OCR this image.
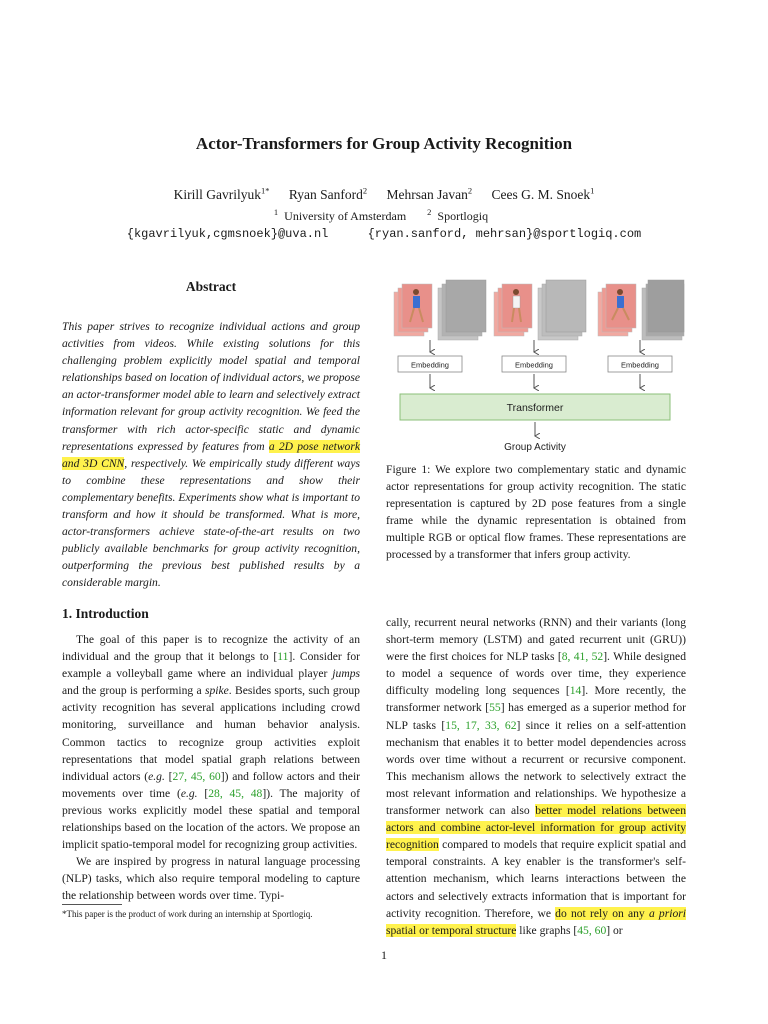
Actor-Transformers for Group Activity Recognition
Kirill Gavrilyuk$^{1*}$ Ryan Sanford$^2$ Mehrsan Javan$^2$ Cees G. M. Snoek$^1$
$^1$ University of Amsterdam $^2$ Sportlogiq
{kgavrilyuk,cgmsnoek}@uva.nl	{ryan.sanford, mehrsan}@sportlogiq.com
Abstract
This paper strives to recognize individual actions and group activities from videos. While existing solutions for this challenging problem explicitly model spatial and temporal relationships based on location of individual actors, we propose an actor-transformer model able to learn and selectively extract information relevant for group activity recognition. We feed the transformer with rich actor-specific static and dynamic representations expressed by features from a 2D pose network and 3D CNN, respectively. We empirically study different ways to combine these representations and show their complementary benefits. Experiments show what is important to transform and how it should be transformed. What is more, actor-transformers achieve state-of-the-art results on two publicly available benchmarks for group activity recognition, outperforming the previous best published results by a considerable margin.
Embedding	Embedding	Embedding
Transformer
Group Activity
Figure 1: We explore two complementary static and dynamic actor representations for group activity recognition. The static representation is captured by 2D pose features from a single frame while the dynamic representation is obtained from multiple RGB or optical flow frames. These representations are processed by a transformer that infers group activity.
1. Introduction

The goal of this paper is to recognize the activity of an individual and the group that it belongs to [11]. Consider for example a volleyball game where an individual player jumps and the group is performing a spike. Besides sports, such group activity recognition has several applications including crowd monitoring, surveillance and human behavior analysis. Common tactics to recognize group activities exploit representations that model spatial graph relations between individual actors (e.g. [27, 45, 60]) and follow actors and their movements over time (e.g. [28, 45, 48]). The majority of previous works explicitly model these spatial and temporal relationships based on the location of the actors. We propose an implicit spatio-temporal model for recognizing group activities.

We are inspired by progress in natural language processing (NLP) tasks, which also require temporal modeling to capture the relationship between words over time. Typi-

cally, recurrent neural networks (RNN) and their variants (long short-term memory (LSTM) and gated recurrent unit (GRU)) were the first choices for NLP tasks [8, 41, 52]. While designed to model a sequence of words over time, they experience difficulty modeling long sequences [14]. More recently, the transformer network [55] has emerged as a superior method for NLP tasks [15, 17, 33, 62] since it relies on a self-attention mechanism that enables it to better model dependencies across words over time without a recurrent or recursive component. This mechanism allows the network to selectively extract the most relevant information and relationships. We hypothesize a transformer network can also better model relations between actors and combine actor-level information for group activity recognition compared to models that require explicit spatial and temporal constraints. A key enabler is the transformer's self-attention mechanism, which learns interactions between the actors and selectively extracts information that is important for activity recognition. Therefore, we do not rely on any a priori spatial or temporal structure like graphs [45, 60] or

*This paper is the product of work during an internship at Sportlogiq.
1
